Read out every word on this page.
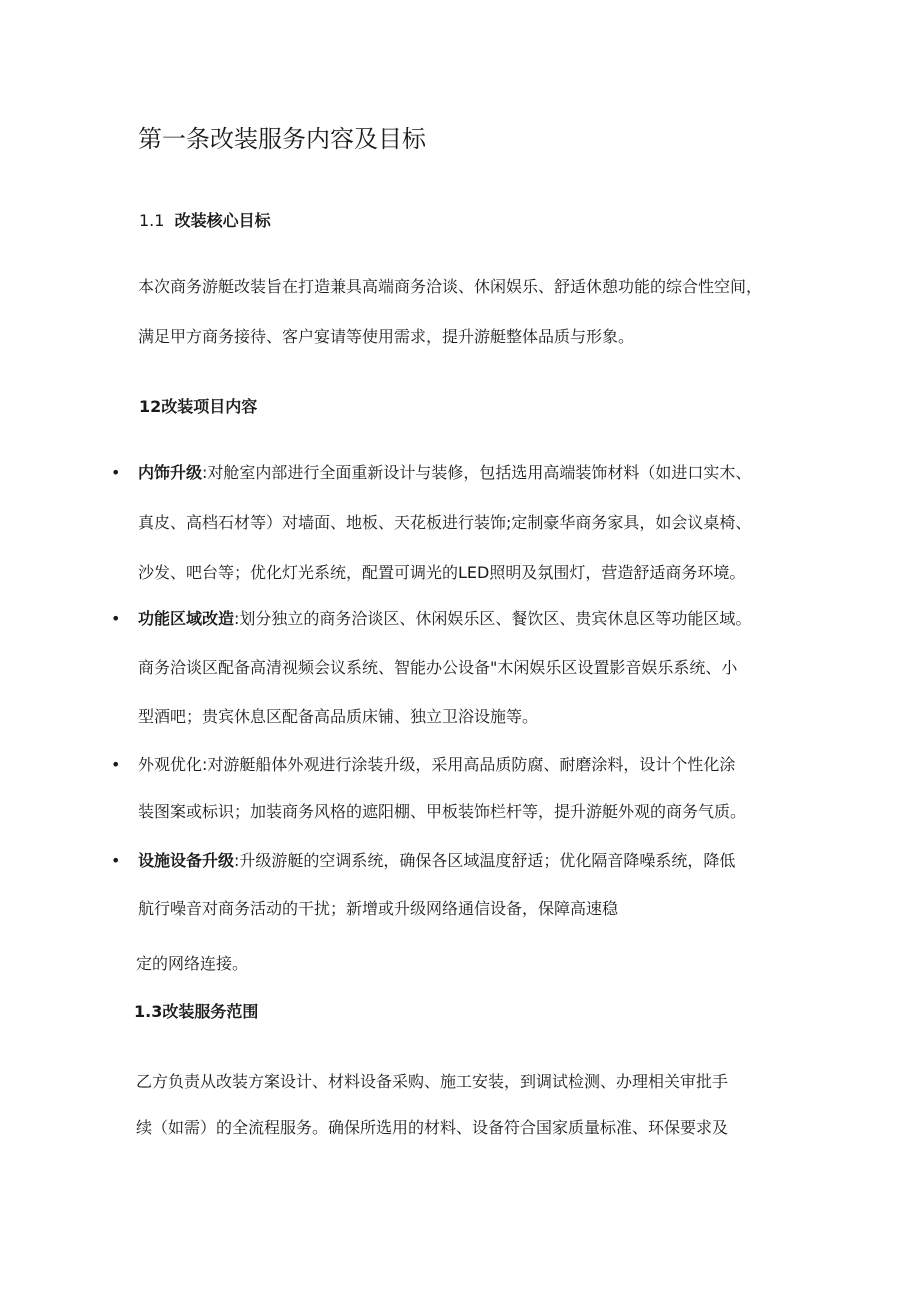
第一条改装服务内容及目标
1.1 改装核心目标
本次商务游艇改装旨在打造兼具高端商务洽谈、休闲娱乐、舒适休憩功能的综合性空间，
满足甲方商务接待、客户宴请等使用需求，提升游艇整体品质与形象。
12改装项目内容
• 内饰升级:对舱室内部进行全面重新设计与装修，包括选用高端装饰材料（如进口实木、
真皮、高档石材等）对墙面、地板、天花板进行装饰;定制豪华商务家具，如会议桌椅、
沙发、吧台等；优化灯光系统，配置可调光的LED照明及氛围灯，营造舒适商务环境。
• 功能区域改造:划分独立的商务洽谈区、休闲娱乐区、餐饮区、贵宾休息区等功能区域。
商务洽谈区配备高清视频会议系统、智能办公设备"木闲娱乐区设置影音娱乐系统、小
型酒吧；贵宾休息区配备高品质床铺、独立卫浴设施等。
• 外观优化:对游艇船体外观进行涂装升级，采用高品质防腐、耐磨涂料，设计个性化涂
装图案或标识；加装商务风格的遮阳棚、甲板装饰栏杆等，提升游艇外观的商务气质。
• 设施设备升级:升级游艇的空调系统，确保各区域温度舒适；优化隔音降噪系统，降低
航行噪音对商务活动的干扰；新增或升级网络通信设备，保障高速稳
定的网络连接。
1.3改装服务范围
乙方负责从改装方案设计、材料设备采购、施工安装，到调试检测、办理相关审批手
续（如需）的全流程服务。确保所选用的材料、设备符合国家质量标准、环保要求及
